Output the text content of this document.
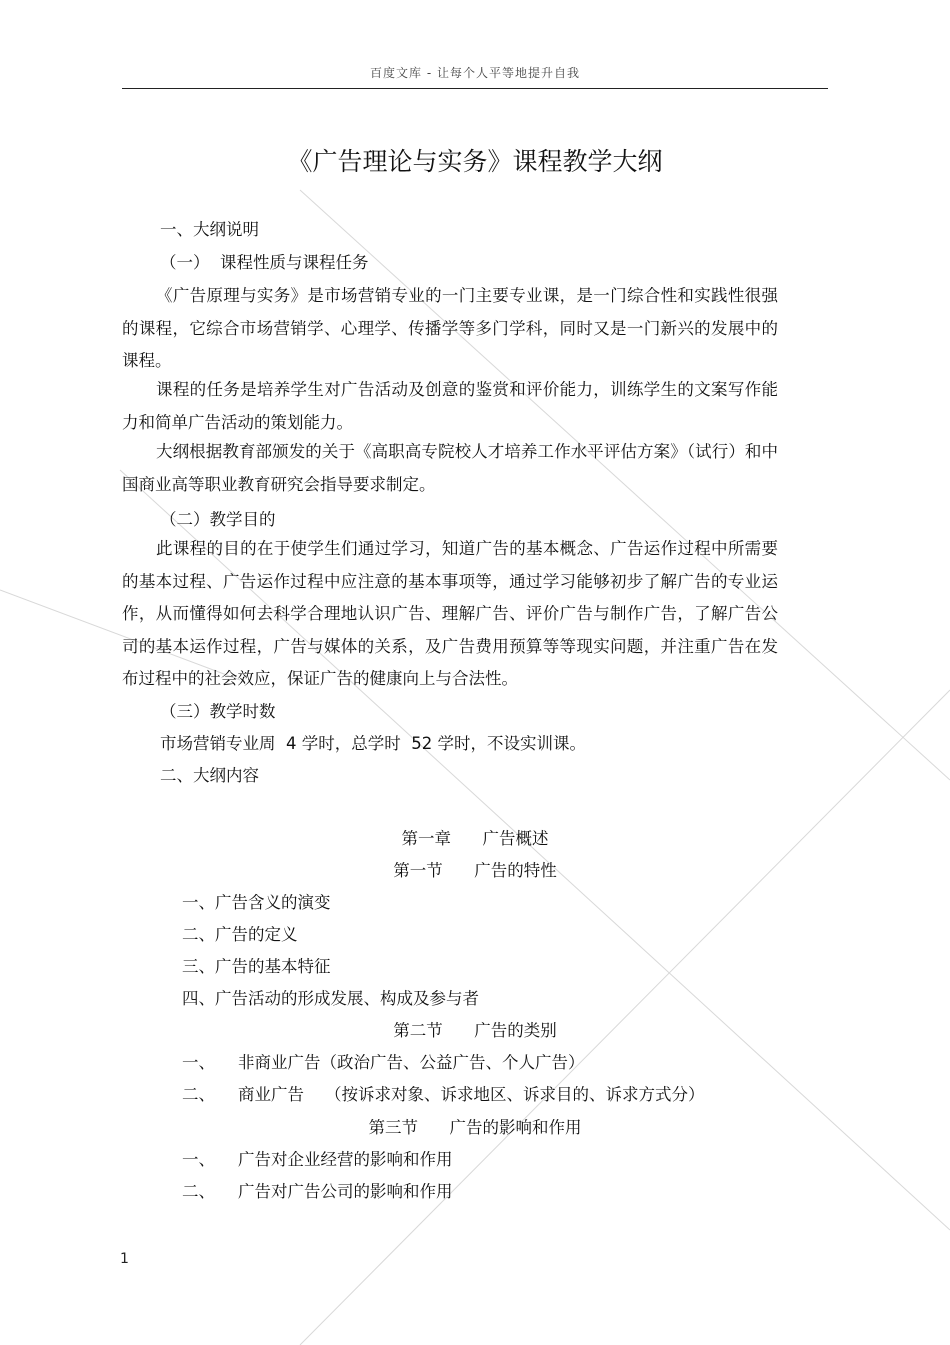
百度文库 - 让每个人平等地提升自我
《广告理论与实务》课程教学大纲
一、大纲说明
（一）  课程性质与课程任务
《广告原理与实务》是市场营销专业的一门主要专业课，是一门综合性和实践性很强的课程，它综合市场营销学、心理学、传播学等多门学科，同时又是一门新兴的发展中的课程。
课程的任务是培养学生对广告活动及创意的鉴赏和评价能力，训练学生的文案写作能力和简单广告活动的策划能力。
大纲根据教育部颁发的关于《高职高专院校人才培养工作水平评估方案》（试行）和中国商业高等职业教育研究会指导要求制定。
（二）教学目的
此课程的目的在于使学生们通过学习，知道广告的基本概念、广告运作过程中所需要的基本过程、广告运作过程中应注意的基本事项等，通过学习能够初步了解广告的专业运作，从而懂得如何去科学合理地认识广告、理解广告、评价广告与制作广告，了解广告公司的基本运作过程，广告与媒体的关系，及广告费用预算等等现实问题，并注重广告在发布过程中的社会效应，保证广告的健康向上与合法性。
（三）教学时数
市场营销专业周  4 学时，总学时  52 学时，不设实训课。
二、大纲内容
第一章      广告概述
第一节      广告的特性
一、广告含义的演变
二、广告的定义
三、广告的基本特征
四、广告活动的形成发展、构成及参与者
第二节      广告的类别
一、 非商业广告（政治广告、公益广告、个人广告）
二、 商业广告    （按诉求对象、诉求地区、诉求目的、诉求方式分）
第三节      广告的影响和作用
一、 广告对企业经营的影响和作用
二、 广告对广告公司的影响和作用
1
